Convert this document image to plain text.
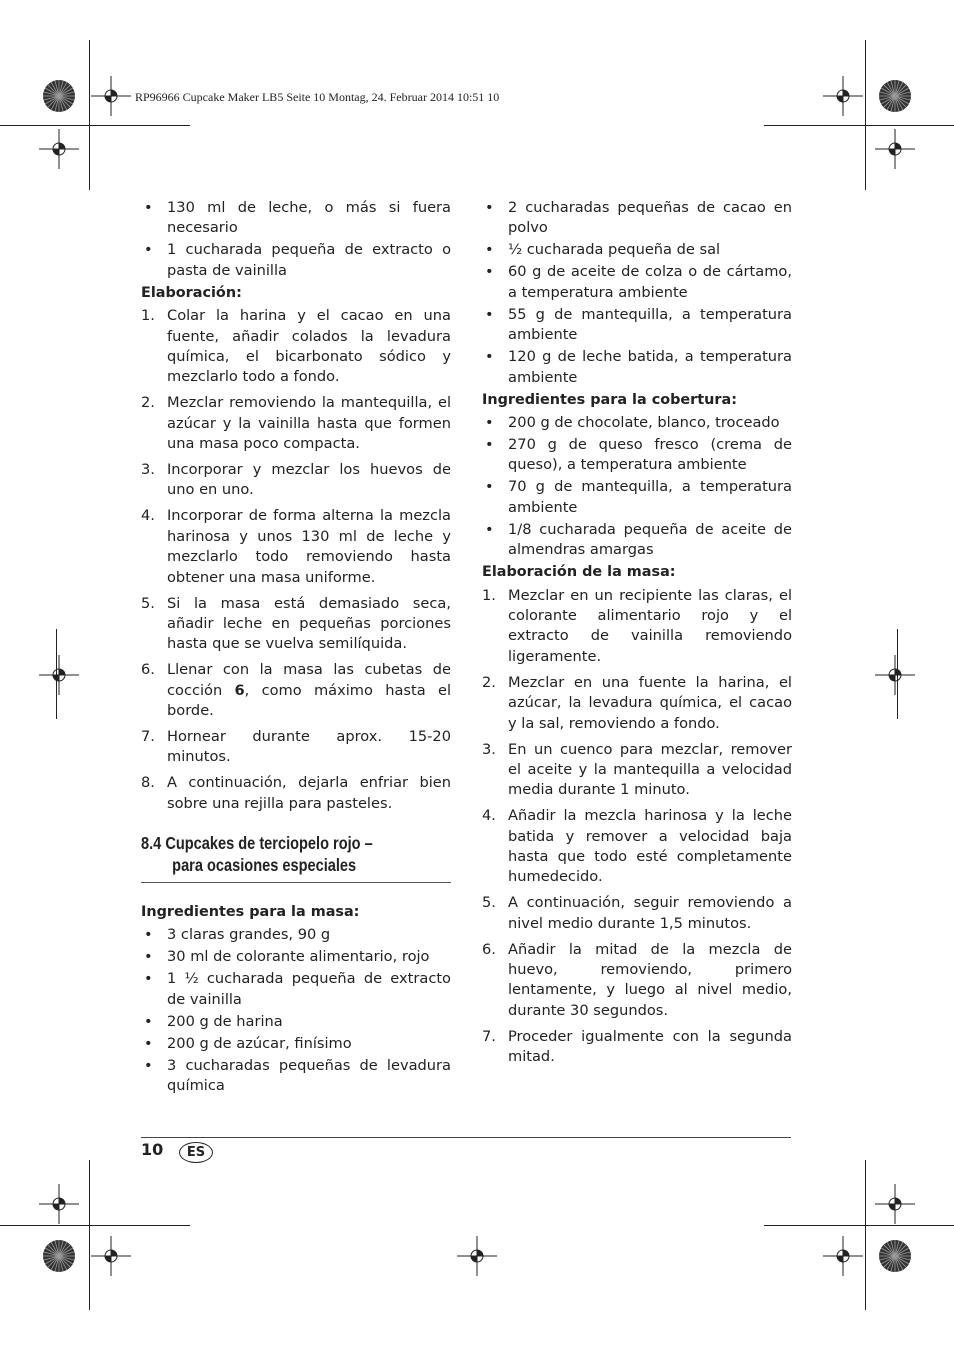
RP96966 Cupcake Maker LB5 Seite 10 Montag, 24. Februar 2014 10:51 10
• 130 ml de leche, o más si fuera necesario
• 1 cucharada pequeña de extracto o pasta de vainilla
Elaboración:
1. Colar la harina y el cacao en una fuente, añadir colados la levadura química, el bicarbonato sódico y mezclarlo todo a fondo.
2. Mezclar removiendo la mantequilla, el azúcar y la vainilla hasta que formen una masa poco compacta.
3. Incorporar y mezclar los huevos de uno en uno.
4. Incorporar de forma alterna la mezcla harinosa y unos 130 ml de leche y mezclarlo todo removiendo hasta obtener una masa uniforme.
5. Si la masa está demasiado seca, añadir leche en pequeñas porciones hasta que se vuelva semilíquida.
6. Llenar con la masa las cubetas de cocción 6, como máximo hasta el borde.
7. Hornear durante aprox. 15-20 minutos.
8. A continuación, dejarla enfriar bien sobre una rejilla para pasteles.
8.4 Cupcakes de terciopelo rojo –
para ocasiones especiales
Ingredientes para la masa:
• 3 claras grandes, 90 g
• 30 ml de colorante alimentario, rojo
• 1 ½ cucharada pequeña de extracto de vainilla
• 200 g de harina
• 200 g de azúcar, finísimo
• 3 cucharadas pequeñas de levadura química
• 2 cucharadas pequeñas de cacao en polvo
• ½ cucharada pequeña de sal
• 60 g de aceite de colza o de cártamo, a temperatura ambiente
• 55 g de mantequilla, a temperatura ambiente
• 120 g de leche batida, a temperatura ambiente
Ingredientes para la cobertura:
• 200 g de chocolate, blanco, troceado
• 270 g de queso fresco (crema de queso), a temperatura ambiente
• 70 g de mantequilla, a temperatura ambiente
• 1/8 cucharada pequeña de aceite de almendras amargas
Elaboración de la masa:
1. Mezclar en un recipiente las claras, el colorante alimentario rojo y el extracto de vainilla removiendo ligeramente.
2. Mezclar en una fuente la harina, el azúcar, la levadura química, el cacao y la sal, removiendo a fondo.
3. En un cuenco para mezclar, remover el aceite y la mantequilla a velocidad media durante 1 minuto.
4. Añadir la mezcla harinosa y la leche batida y remover a velocidad baja hasta que todo esté completamente humedecido.
5. A continuación, seguir removiendo a nivel medio durante 1,5 minutos.
6. Añadir la mitad de la mezcla de huevo, removiendo, primero lentamente, y luego al nivel medio, durante 30 segundos.
7. Proceder igualmente con la segunda mitad.
10	ES
